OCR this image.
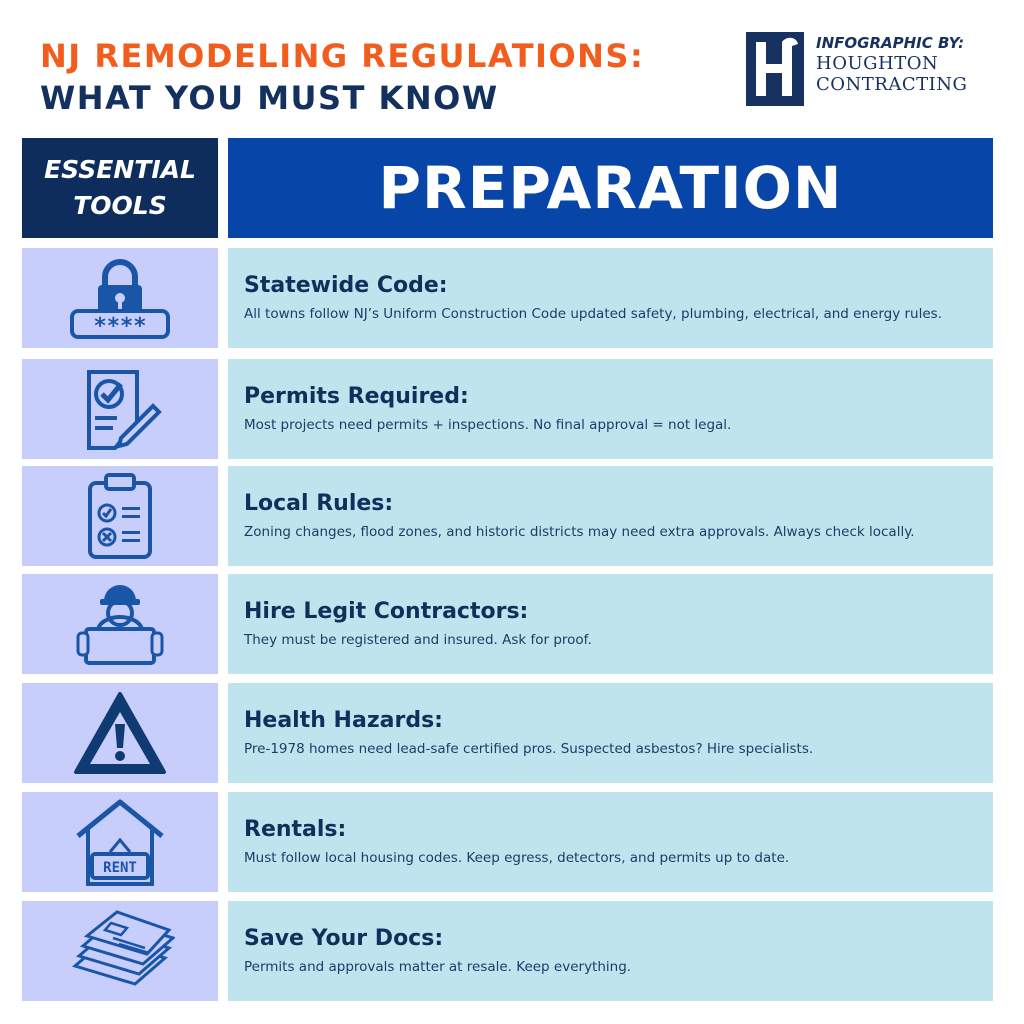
NJ REMODELING REGULATIONS:
WHAT YOU MUST KNOW
INFOGRAPHIC BY:
HOUGHTON
CONTRACTING
ESSENTIAL
TOOLS	PREPARATION
****
Statewide Code:
All towns follow NJ’s Uniform Construction Code updated safety, plumbing, electrical, and energy rules.
Permits Required:
Most projects need permits + inspections. No final approval = not legal.
Local Rules:
Zoning changes, flood zones, and historic districts may need extra approvals. Always check locally.
Hire Legit Contractors:
They must be registered and insured. Ask for proof.
Health Hazards:
Pre-1978 homes need lead-safe certified pros. Suspected asbestos? Hire specialists.
RENT
Rentals:
Must follow local housing codes. Keep egress, detectors, and permits up to date.
Save Your Docs:
Permits and approvals matter at resale. Keep everything.
